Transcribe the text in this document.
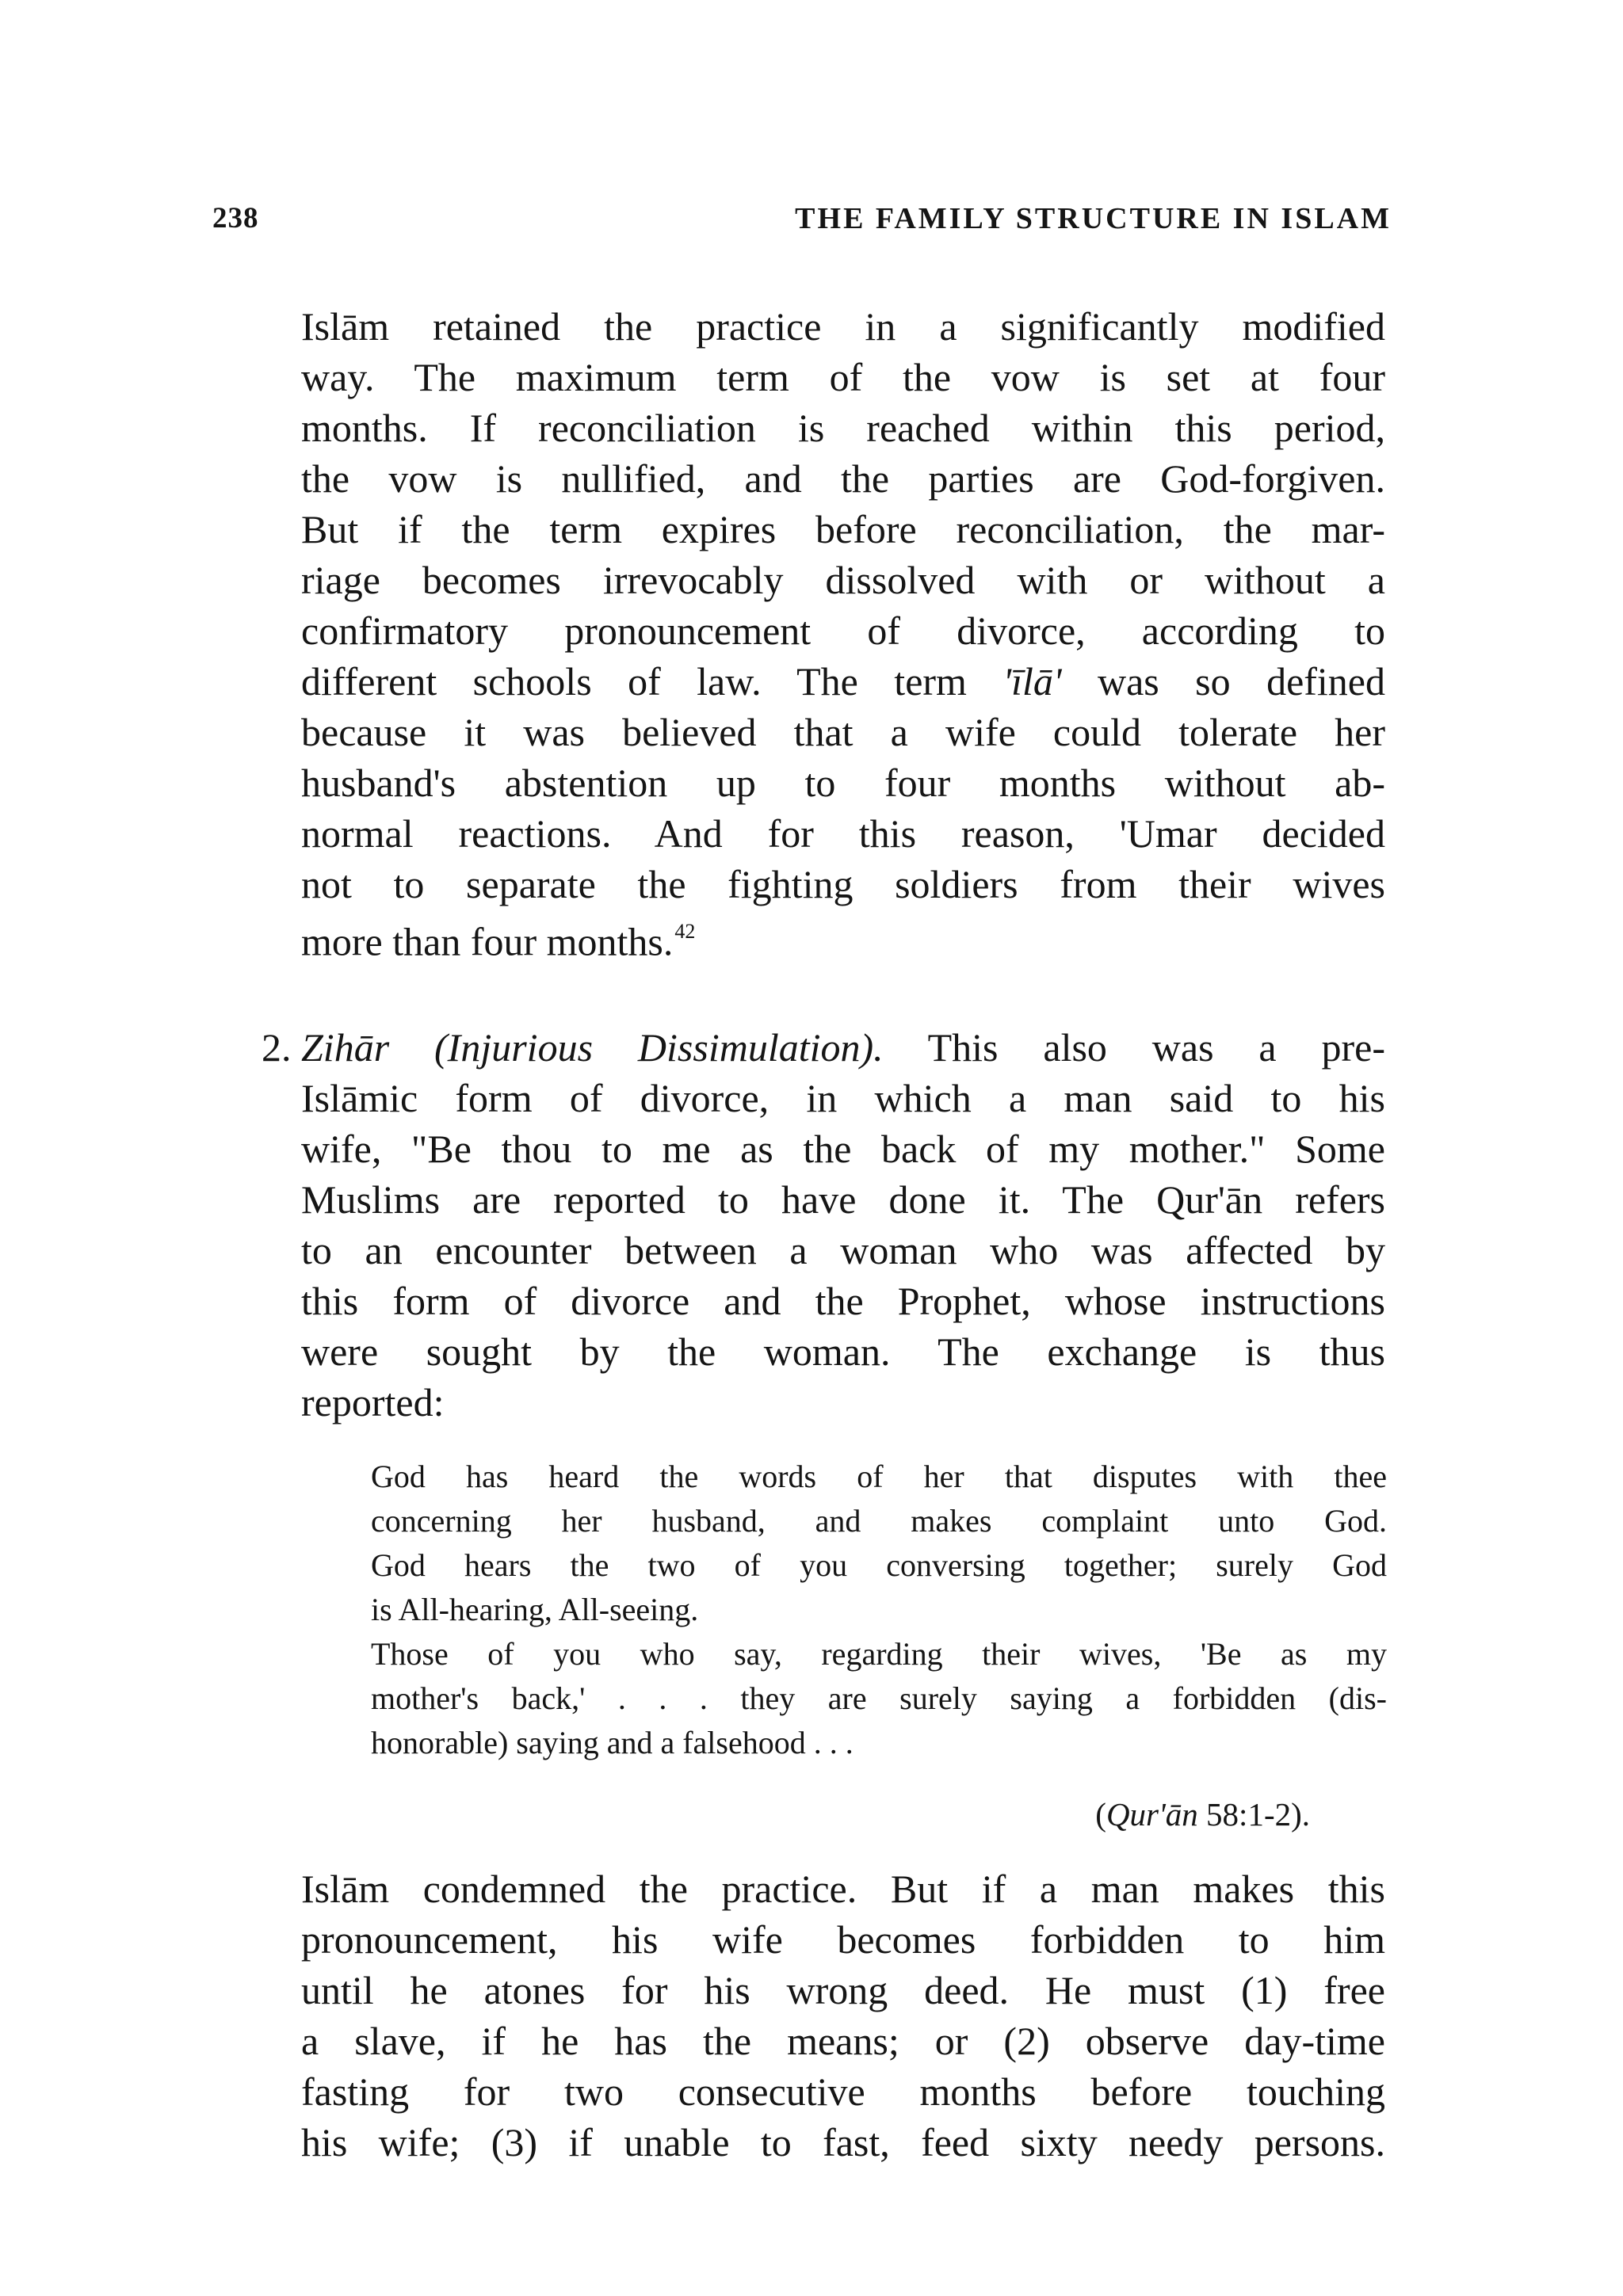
238	THE FAMILY STRUCTURE IN ISLAM
Islām retained the practice in a significantly modified
way. The maximum term of the vow is set at four
months. If reconciliation is reached within this period,
the vow is nullified, and the parties are God-forgiven.
But if the term expires before reconciliation, the mar-
riage becomes irrevocably dissolved with or without a
confirmatory pronouncement of divorce, according to
different schools of law. The term 'īlā' was so defined
because it was believed that a wife could tolerate her
husband's abstention up to four months without ab-
normal reactions. And for this reason, 'Umar decided
not to separate the fighting soldiers from their wives
more than four months.$^{42}$
2. Zihār (Injurious Dissimulation). This also was a pre-
Islāmic form of divorce, in which a man said to his
wife, "Be thou to me as the back of my mother." Some
Muslims are reported to have done it. The Qur'ān refers
to an encounter between a woman who was affected by
this form of divorce and the Prophet, whose instructions
were sought by the woman. The exchange is thus
reported:
God has heard the words of her that disputes with thee
concerning her husband, and makes complaint unto God.
God hears the two of you conversing together; surely God
is All-hearing, All-seeing.
Those of you who say, regarding their wives, 'Be as my
mother's back,' . . . they are surely saying a forbidden (dis-
honorable) saying and a falsehood . . .
(Qur'ān 58:1-2).
Islām condemned the practice. But if a man makes this
pronouncement, his wife becomes forbidden to him
until he atones for his wrong deed. He must (1) free
a slave, if he has the means; or (2) observe day-time
fasting for two consecutive months before touching
his wife; (3) if unable to fast, feed sixty needy persons.
